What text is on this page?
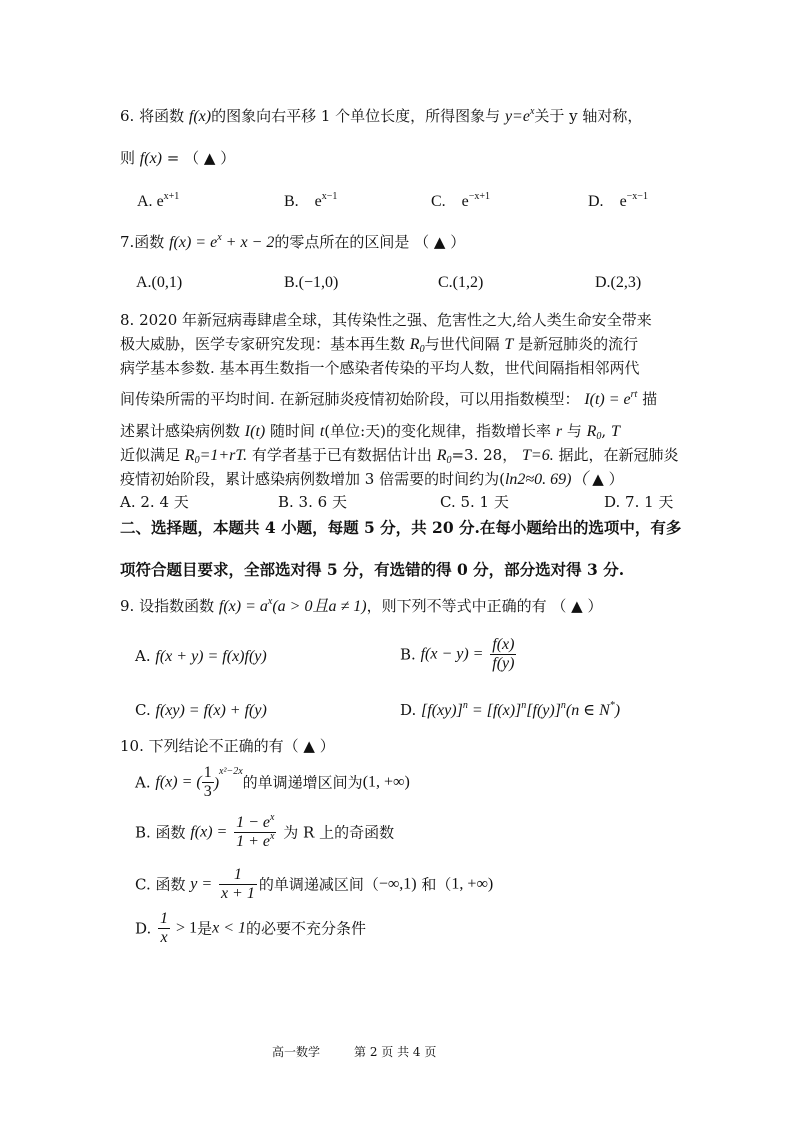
6. 将函数 f(x)的图象向右平移 1 个单位长度，所得图象与 $y=e^x$关于 y 轴对称，
则 f(x) = （ ▲ ）
A. $e^{x+1}$	B. $e^{x-1}$	C. $e^{-x+1}$	D. $e^{-x-1}$
7.函数 $f(x) = e^x + x - 2$的零点所在的区间是 （ ▲ ）
A.(0,1)	B.(−1,0)	C.(1,2)	D.(2,3)
8. 2020 年新冠病毒肆虐全球，其传染性之强、危害性之大,给人类生命安全带来
极大威胁，医学专家研究发现：基本再生数 $R_0$与世代间隔 T 是新冠肺炎的流行
病学基本参数. 基本再生数指一个感染者传染的平均人数，世代间隔指相邻两代
间传染所需的平均时间. 在新冠肺炎疫情初始阶段，可以用指数模型： $I(t) = e^{rt}$ 描
述累计感染病例数 I(t) 随时间 t(单位:天)的变化规律，指数增长率 r 与 $R_0$, T
近似满足 $R_0=1+rT$. 有学者基于已有数据估计出 $R_0=3$. 28， T=6. 据此，在新冠肺炎
疫情初始阶段，累计感染病例数增加 3 倍需要的时间约为(ln2≈0. 69)（ ▲ ）
A. 2. 4 天	B. 3. 6 天	C. 5. 1 天	D. 7. 1 天
二、选择题，本题共 4 小题，每题 5 分，共 20 分.在每小题给出的选项中，有多
项符合题目要求，全部选对得 5 分，有选错的得 0 分，部分选对得 3 分.
9. 设指数函数 $f(x) = a^x(a > 0$且a ≠ 1)，则下列不等式中正确的有 （ ▲ ）
A. f(x + y) = f(x)f(y)	B. $f(x - y) = \frac{f(x)}{f(y)}$
C. f(xy) = f(x) + f(y)	D. $[f(xy)]^n = [f(x)]^n[f(y)]^n(n$ ∈ N*)
10. 下列结论不正确的有（ ▲ ）
A. f(x) = ( $\frac{1}{3} )^{x^2-2x}$的单调递增区间为(1, +∞)
B. 函数 $f(x) = \frac{1 - e^x}{1 + e^x}$ 为 R 上的奇函数
C. 函数 $y = \frac{1}{x + 1}$ 的单调递减区间（−∞,1) 和（1, +∞)
D. $\frac{1}{x} > 1$是x < 1的必要不充分条件
高一数学	第 2 页 共 4 页
